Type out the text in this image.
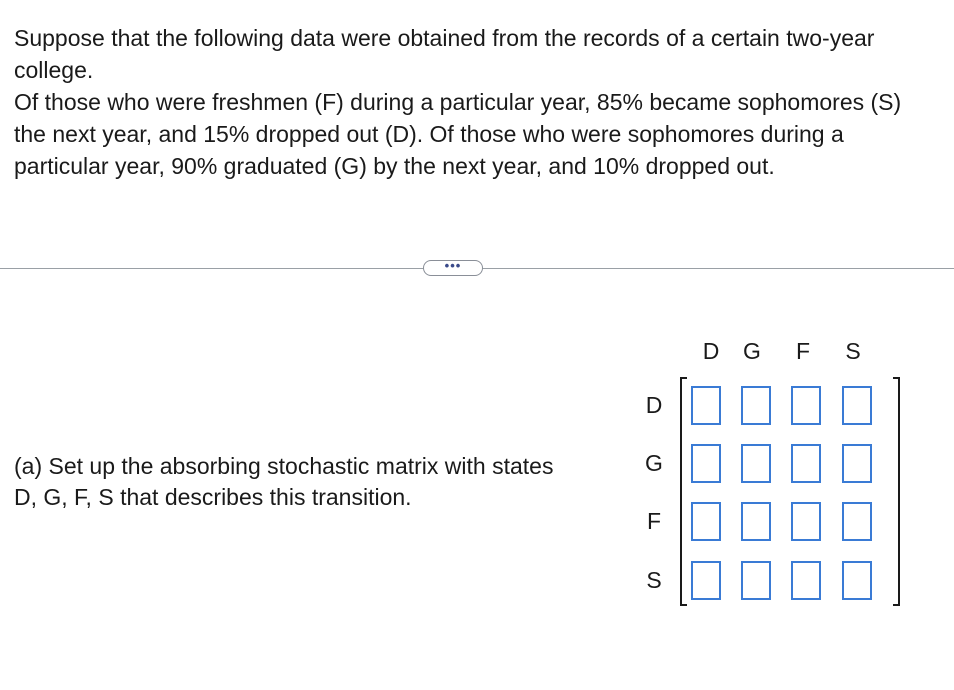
Suppose that the following data were obtained from the records of a certain two-year college.

Of those who were freshmen (F) during a particular year, 85% became sophomores (S) the next year, and 15% dropped out (D). Of those who were sophomores during a particular year, 90% graduated (G) by the next year, and 10% dropped out.

•••
(a) Set up the absorbing stochastic matrix with states D, G, F, S that describes this transition.
D G	F	S
D
G
F
S
